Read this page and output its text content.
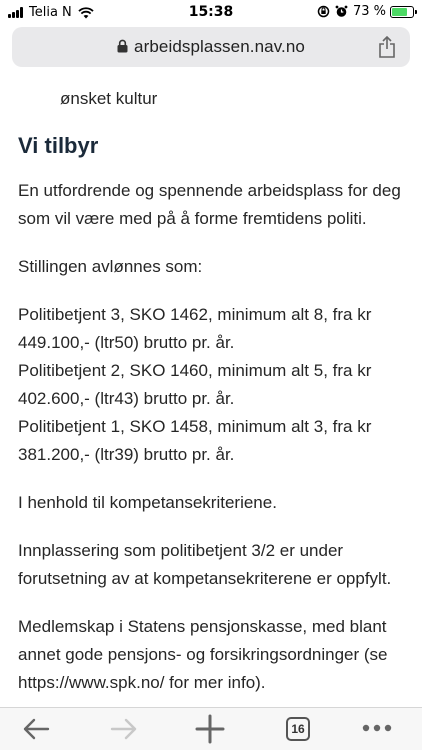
Telia N	15:38	73 %
arbeidsplassen.nav.no
ønsket kultur
Vi tilbyr

En utfordrende og spennende arbeidsplass for deg som vil være med på å forme fremtidens politi.

Stillingen avlønnes som:

Politibetjent 3, SKO 1462, minimum alt 8, fra kr 449.100,- (ltr50) brutto pr. år.
Politibetjent 2, SKO 1460, minimum alt 5, fra kr 402.600,- (ltr43) brutto pr. år.
Politibetjent 1, SKO 1458, minimum alt 3, fra kr 381.200,- (ltr39) brutto pr. år.

I henhold til kompetansekriteriene.

Innplassering som politibetjent 3/2 er under forutsetning av at kompetansekriterene er oppfylt.

Medlemskap i Statens pensjonskasse, med blant annet gode pensjons- og forsikringsordninger (se https://www.spk.no/ for mer info).

16
